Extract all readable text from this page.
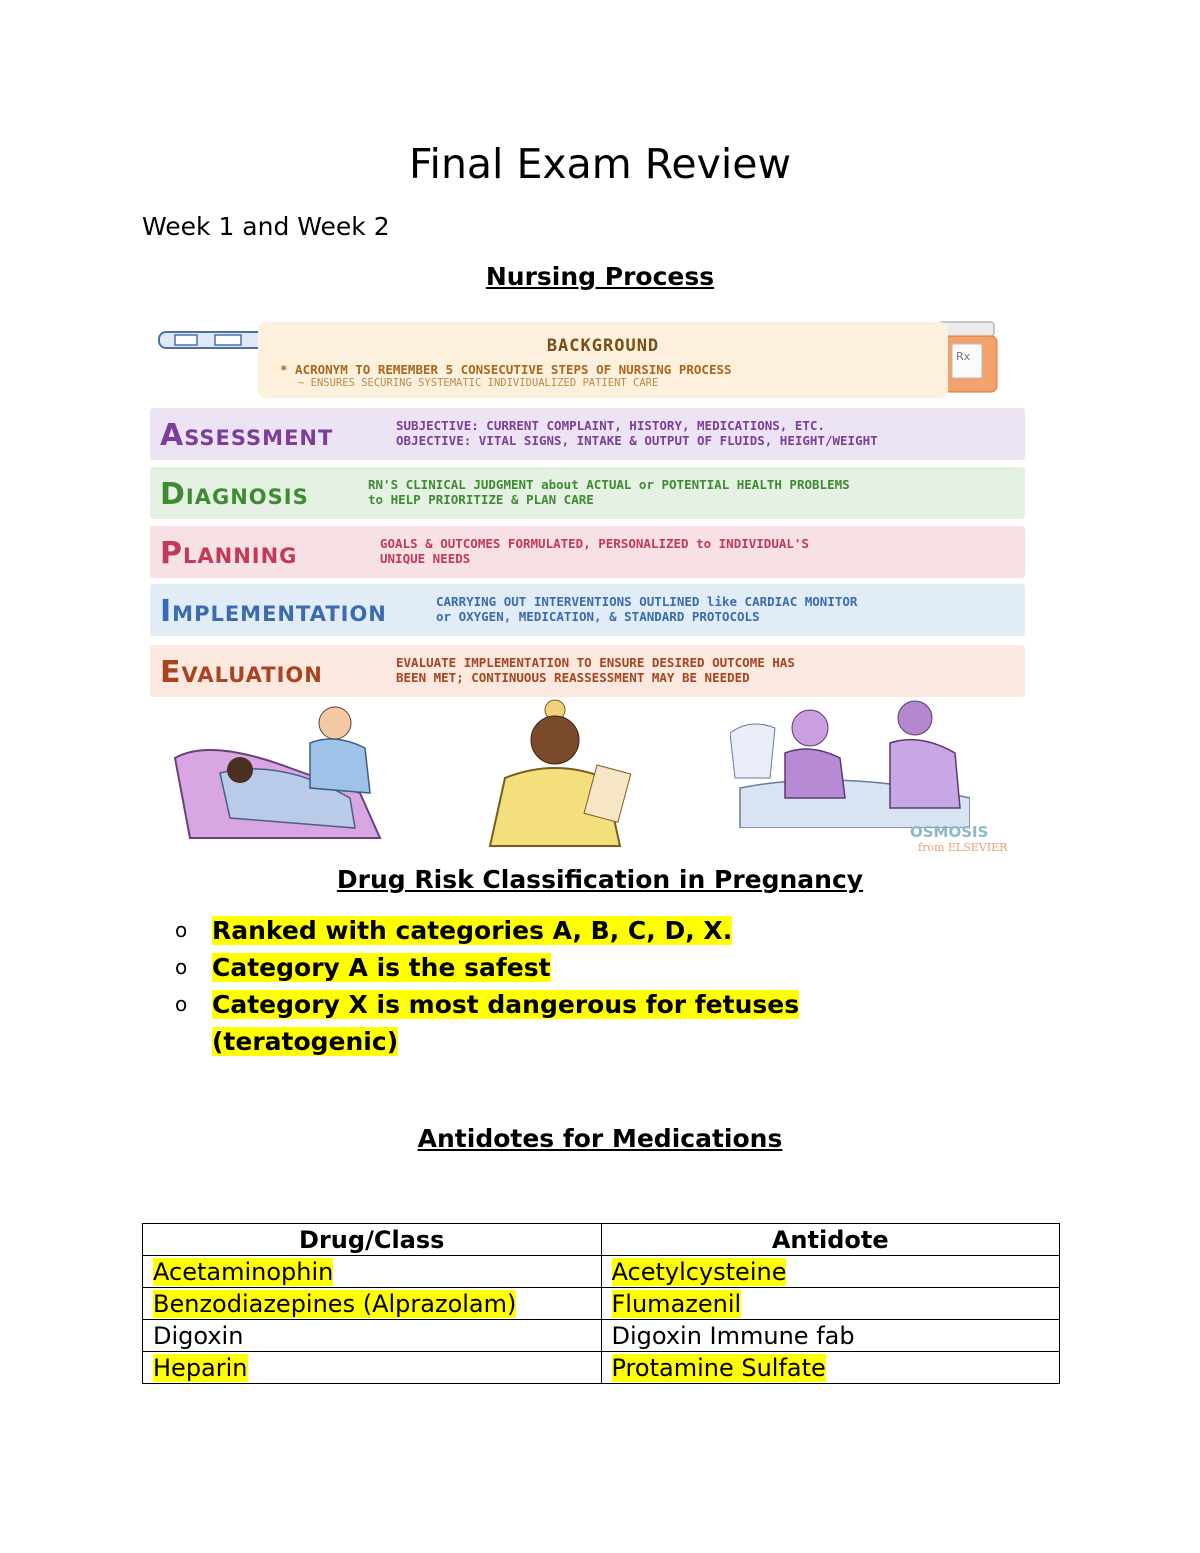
Final Exam Review
Week 1 and Week 2
Nursing Process
Rx
BACKGROUND
* ACRONYM TO REMEMBER 5 CONSECUTIVE STEPS OF NURSING PROCESS
~ ENSURES SECURING SYSTEMATIC INDIVIDUALIZED PATIENT CARE
ASSESSMENT
SUBJECTIVE: CURRENT COMPLAINT, HISTORY, MEDICATIONS, ETC.
OBJECTIVE: VITAL SIGNS, INTAKE & OUTPUT OF FLUIDS, HEIGHT/WEIGHT
DIAGNOSIS
RN'S CLINICAL JUDGMENT about ACTUAL or POTENTIAL HEALTH PROBLEMS
to HELP PRIORITIZE & PLAN CARE
PLANNING
GOALS & OUTCOMES FORMULATED, PERSONALIZED to INDIVIDUAL'S
UNIQUE NEEDS
IMPLEMENTATION
CARRYING OUT INTERVENTIONS OUTLINED like CARDIAC MONITOR
or OXYGEN, MEDICATION, & STANDARD PROTOCOLS
EVALUATION
EVALUATE IMPLEMENTATION TO ENSURE DESIRED OUTCOME HAS
BEEN MET; CONTINUOUS REASSESSMENT MAY BE NEEDED
OSMOSIS
from ELSEVIER
Drug Risk Classification in Pregnancy
o Ranked with categories A, B, C, D, X.
o Category A is the safest
o Category X is most dangerous for fetuses (teratogenic)
Antidotes for Medications
Drug/Class	Antidote
Acetaminophin	Acetylcysteine
Benzodiazepines (Alprazolam)	Flumazenil
Digoxin	Digoxin Immune fab
Heparin	Protamine Sulfate
